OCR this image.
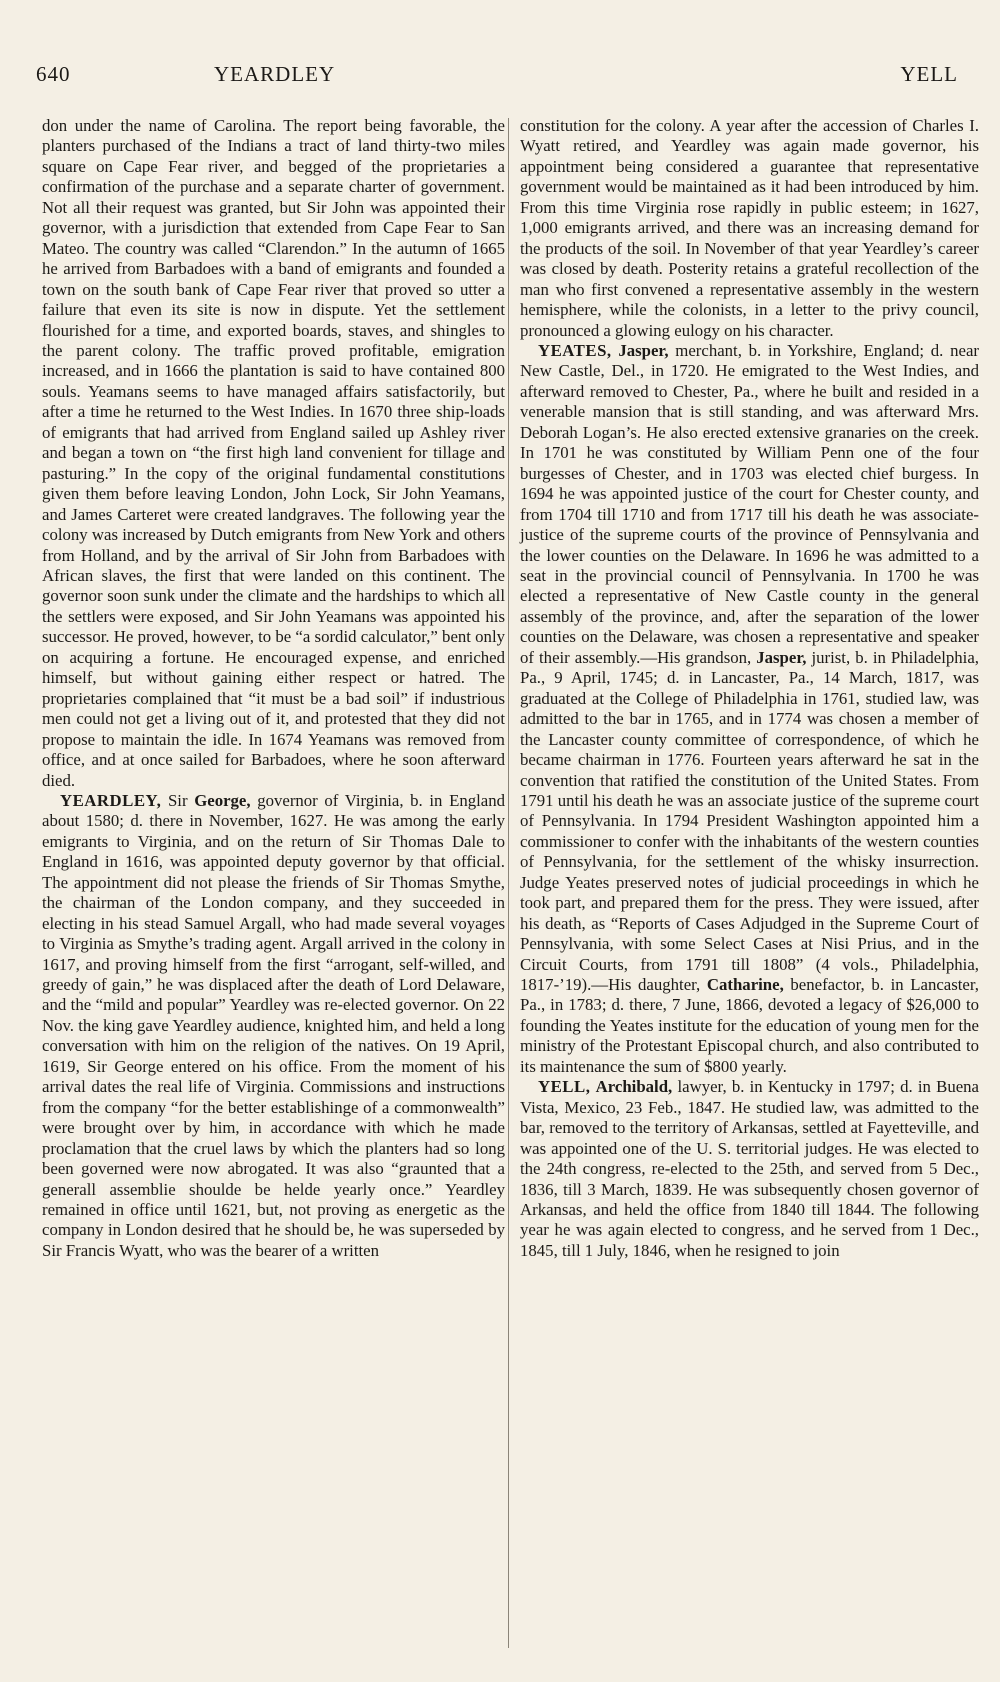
640	YEARDLEY	YELL

don under the name of Carolina. The report being favorable, the planters purchased of the Indians a tract of land thirty-two miles square on Cape Fear river, and begged of the proprietaries a confirmation of the purchase and a separate charter of government. Not all their request was granted, but Sir John was appointed their governor, with a jurisdiction that extended from Cape Fear to San Mateo. The country was called “Clarendon.” In the autumn of 1665 he arrived from Barbadoes with a band of emigrants and founded a town on the south bank of Cape Fear river that proved so utter a failure that even its site is now in dispute. Yet the settlement flourished for a time, and exported boards, staves, and shingles to the parent colony. The traffic proved profitable, emigration increased, and in 1666 the plantation is said to have contained 800 souls. Yeamans seems to have managed affairs satisfactorily, but after a time he returned to the West Indies. In 1670 three ship-loads of emigrants that had arrived from England sailed up Ashley river and began a town on “the first high land convenient for tillage and pasturing.” In the copy of the original fundamental constitutions given them before leaving London, John Lock, Sir John Yeamans, and James Carteret were created landgraves. The following year the colony was increased by Dutch emigrants from New York and others from Holland, and by the arrival of Sir John from Barbadoes with African slaves, the first that were landed on this continent. The governor soon sunk under the climate and the hardships to which all the settlers were exposed, and Sir John Yeamans was appointed his successor. He proved, however, to be “a sordid calculator,” bent only on acquiring a fortune. He encouraged expense, and enriched himself, but without gaining either respect or hatred. The proprietaries complained that “it must be a bad soil” if industrious men could not get a living out of it, and protested that they did not propose to maintain the idle. In 1674 Yeamans was removed from office, and at once sailed for Barbadoes, where he soon afterward died.

YEARDLEY, Sir George, governor of Virginia, b. in England about 1580; d. there in November, 1627. He was among the early emigrants to Virginia, and on the return of Sir Thomas Dale to England in 1616, was appointed deputy governor by that official. The appointment did not please the friends of Sir Thomas Smythe, the chairman of the London company, and they succeeded in electing in his stead Samuel Argall, who had made several voyages to Virginia as Smythe’s trading agent. Argall arrived in the colony in 1617, and proving himself from the first “arrogant, self-willed, and greedy of gain,” he was displaced after the death of Lord Delaware, and the “mild and popular” Yeardley was re-elected governor. On 22 Nov. the king gave Yeardley audience, knighted him, and held a long conversation with him on the religion of the natives. On 19 April, 1619, Sir George entered on his office. From the moment of his arrival dates the real life of Virginia. Commissions and instructions from the company “for the better establishinge of a commonwealth” were brought over by him, in accordance with which he made proclamation that the cruel laws by which the planters had so long been governed were now abrogated. It was also “graunted that a generall assemblie shoulde be helde yearly once.” Yeardley remained in office until 1621, but, not proving as energetic as the company in London desired that he should be, he was superseded by Sir Francis Wyatt, who was the bearer of a written

constitution for the colony. A year after the accession of Charles I. Wyatt retired, and Yeardley was again made governor, his appointment being considered a guarantee that representative government would be maintained as it had been introduced by him. From this time Virginia rose rapidly in public esteem; in 1627, 1,000 emigrants arrived, and there was an increasing demand for the products of the soil. In November of that year Yeardley’s career was closed by death. Posterity retains a grateful recollection of the man who first convened a representative assembly in the western hemisphere, while the colonists, in a letter to the privy council, pronounced a glowing eulogy on his character.

YEATES, Jasper, merchant, b. in Yorkshire, England; d. near New Castle, Del., in 1720. He emigrated to the West Indies, and afterward removed to Chester, Pa., where he built and resided in a venerable mansion that is still standing, and was afterward Mrs. Deborah Logan’s. He also erected extensive granaries on the creek. In 1701 he was constituted by William Penn one of the four burgesses of Chester, and in 1703 was elected chief burgess. In 1694 he was appointed justice of the court for Chester county, and from 1704 till 1710 and from 1717 till his death he was associate-justice of the supreme courts of the province of Pennsylvania and the lower counties on the Delaware. In 1696 he was admitted to a seat in the provincial council of Pennsylvania. In 1700 he was elected a representative of New Castle county in the general assembly of the province, and, after the separation of the lower counties on the Delaware, was chosen a representative and speaker of their assembly.—His grandson, Jasper, jurist, b. in Philadelphia, Pa., 9 April, 1745; d. in Lancaster, Pa., 14 March, 1817, was graduated at the College of Philadelphia in 1761, studied law, was admitted to the bar in 1765, and in 1774 was chosen a member of the Lancaster county committee of correspondence, of which he became chairman in 1776. Fourteen years afterward he sat in the convention that ratified the constitution of the United States. From 1791 until his death he was an associate justice of the supreme court of Pennsylvania. In 1794 President Washington appointed him a commissioner to confer with the inhabitants of the western counties of Pennsylvania, for the settlement of the whisky insurrection. Judge Yeates preserved notes of judicial proceedings in which he took part, and prepared them for the press. They were issued, after his death, as “Reports of Cases Adjudged in the Supreme Court of Pennsylvania, with some Select Cases at Nisi Prius, and in the Circuit Courts, from 1791 till 1808” (4 vols., Philadelphia, 1817-’19).—His daughter, Catharine, benefactor, b. in Lancaster, Pa., in 1783; d. there, 7 June, 1866, devoted a legacy of $26,000 to founding the Yeates institute for the education of young men for the ministry of the Protestant Episcopal church, and also contributed to its maintenance the sum of $800 yearly.

YELL, Archibald, lawyer, b. in Kentucky in 1797; d. in Buena Vista, Mexico, 23 Feb., 1847. He studied law, was admitted to the bar, removed to the territory of Arkansas, settled at Fayetteville, and was appointed one of the U. S. territorial judges. He was elected to the 24th congress, re-elected to the 25th, and served from 5 Dec., 1836, till 3 March, 1839. He was subsequently chosen governor of Arkansas, and held the office from 1840 till 1844. The following year he was again elected to congress, and he served from 1 Dec., 1845, till 1 July, 1846, when he resigned to join
